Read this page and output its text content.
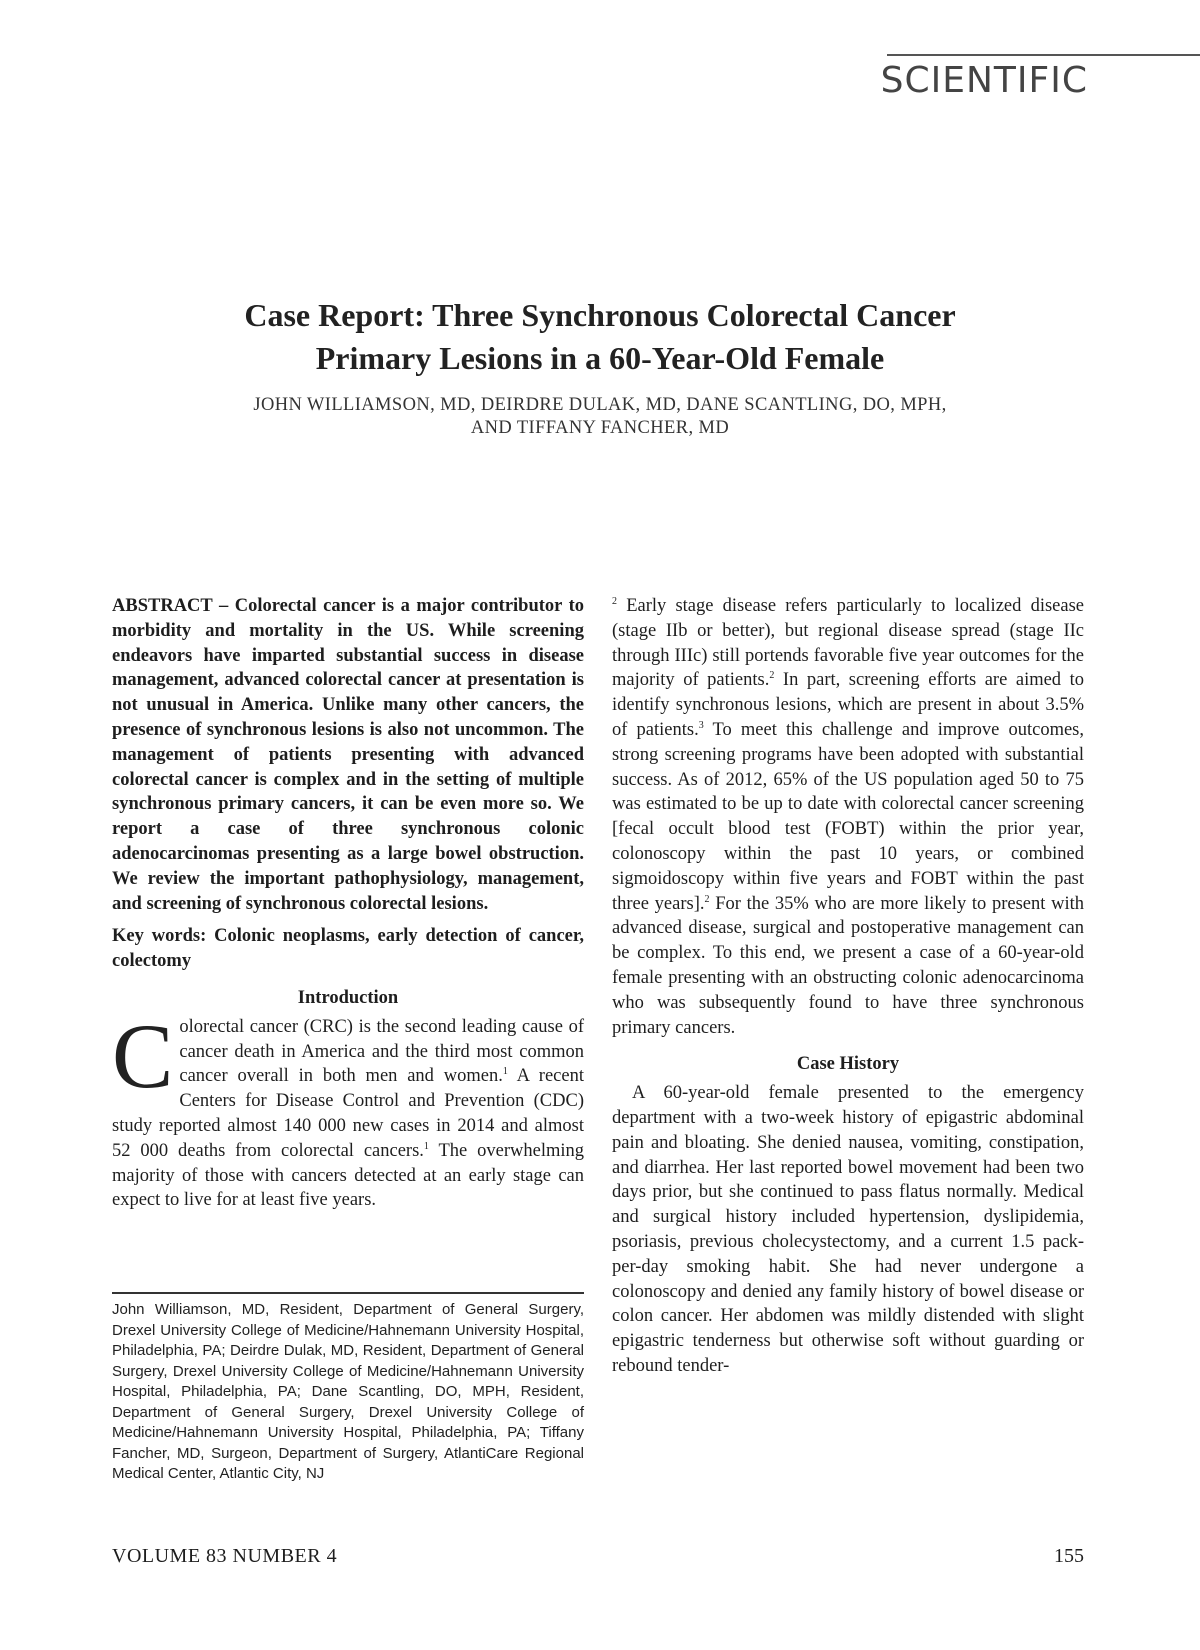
SCIENTIFIC
Case Report: Three Synchronous Colorectal Cancer
Primary Lesions in a 60-Year-Old Female
JOHN WILLIAMSON, MD, DEIRDRE DULAK, MD, DANE SCANTLING, DO, MPH,
AND TIFFANY FANCHER, MD

ABSTRACT – Colorectal cancer is a major contributor to morbidity and mortality in the US. While screening endeavors have imparted substantial success in disease management, advanced colorectal cancer at presentation is not unusual in America. Unlike many other cancers, the presence of synchronous lesions is also not uncommon. The management of patients presenting with advanced colorectal cancer is complex and in the setting of multiple synchronous primary cancers, it can be even more so. We report a case of three synchronous colonic adenocarcinomas presenting as a large bowel obstruction. We review the important pathophysiology, management, and screening of synchronous colorectal lesions.

Key words: Colonic neoplasms, early detection of cancer, colectomy

Introduction

Colorectal cancer (CRC) is the second leading cause of cancer death in America and the third most common cancer overall in both men and women.$^1$ A recent Centers for Disease Control and Prevention (CDC) study reported almost 140 000 new cases in 2014 and almost 52 000 deaths from colorectal cancers.$^1$ The overwhelming majority of those with cancers detected at an early stage can expect to live for at least five years.

$^2$ Early stage disease refers particularly to localized disease (stage IIb or better), but regional disease spread (stage IIc through IIIc) still portends favorable five year outcomes for the majority of patients.$^2$ In part, screening efforts are aimed to identify synchronous lesions, which are present in about 3.5% of patients.$^3$ To meet this challenge and improve outcomes, strong screening programs have been adopted with substantial success. As of 2012, 65% of the US population aged 50 to 75 was estimated to be up to date with colorectal cancer screening [fecal occult blood test (FOBT) within the prior year, colonoscopy within the past 10 years, or combined sigmoidoscopy within five years and FOBT within the past three years].$^2$ For the 35% who are more likely to present with advanced disease, surgical and postoperative management can be complex. To this end, we present a case of a 60-year-old female presenting with an obstructing colonic adenocarcinoma who was subsequently found to have three synchronous primary cancers.

Case History

A 60-year-old female presented to the emergency department with a two-week history of epigastric abdominal pain and bloating. She denied nausea, vomiting, constipation, and diarrhea. Her last reported bowel movement had been two days prior, but she continued to pass flatus normally. Medical and surgical history included hypertension, dyslipidemia, psoriasis, previous cholecystectomy, and a current 1.5 pack-per-day smoking habit. She had never undergone a colonoscopy and denied any family history of bowel disease or colon cancer. Her abdomen was mildly distended with slight epigastric tenderness but otherwise soft without guarding or rebound tender-

John Williamson, MD, Resident, Department of General Surgery, Drexel University College of Medicine/Hahnemann University Hospital, Philadelphia, PA; Deirdre Dulak, MD, Resident, Department of General Surgery, Drexel University College of Medicine/Hahnemann University Hospital, Philadelphia, PA; Dane Scantling, DO, MPH, Resident, Department of General Surgery, Drexel University College of Medicine/Hahnemann University Hospital, Philadelphia, PA; Tiffany Fancher, MD, Surgeon, Department of Surgery, AtlantiCare Regional Medical Center, Atlantic City, NJ
VOLUME 83 NUMBER 4	155
